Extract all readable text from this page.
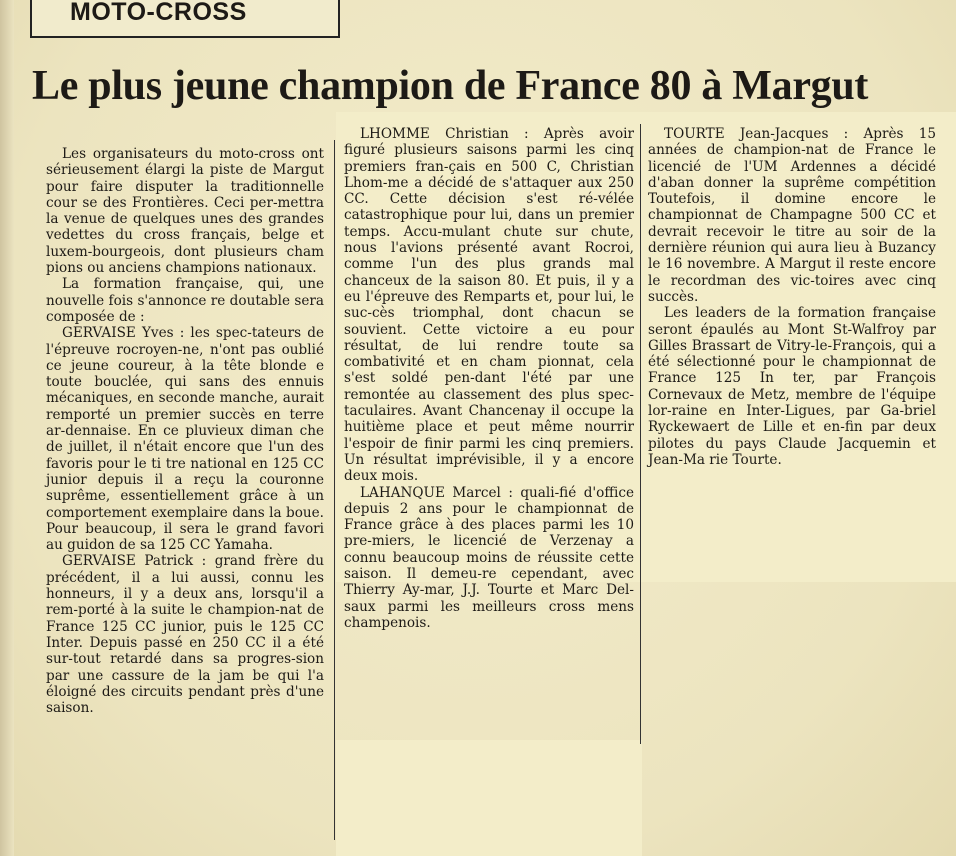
MOTO-CROSS
Le plus jeune champion de France 80 à Margut

Les organisateurs du moto-cross ont sérieusement élargi la piste de Margut pour faire disputer la traditionnelle cour se des Frontières. Ceci per-mettra la venue de quelques unes des grandes vedettes du cross français, belge et luxem-bourgeois, dont plusieurs cham pions ou anciens champions nationaux.

La formation française, qui, une nouvelle fois s'annonce re doutable sera composée de :

GERVAISE Yves : les spec-tateurs de l'épreuve rocroyen-ne, n'ont pas oublié ce jeune coureur, à la tête blonde e toute bouclée, qui sans des ennuis mécaniques, en seconde manche, aurait remporté un premier succès en terre ar-dennaise. En ce pluvieux diman che de juillet, il n'était encore que l'un des favoris pour le ti tre national en 125 CC junior depuis il a reçu la couronne suprême, essentiellement grâce à un comportement exemplaire dans la boue. Pour beaucoup, il sera le grand favori au guidon de sa 125 CC Yamaha.

GERVAISE Patrick : grand frère du précédent, il a lui aussi, connu les honneurs, il y a deux ans, lorsqu'il a rem-porté à la suite le champion-nat de France 125 CC junior, puis le 125 CC Inter. Depuis passé en 250 CC il a été sur-tout retardé dans sa progres-sion par une cassure de la jam be qui l'a éloigné des circuits pendant près d'une saison.

LHOMME Christian : Après avoir figuré plusieurs saisons parmi les cinq premiers fran-çais en 500 C, Christian Lhom-me a décidé de s'attaquer aux 250 CC. Cette décision s'est ré-vélée catastrophique pour lui, dans un premier temps. Accu-mulant chute sur chute, nous l'avions présenté avant Rocroi, comme l'un des plus grands mal chanceux de la saison 80. Et puis, il y a eu l'épreuve des Remparts et, pour lui, le suc-cès triomphal, dont chacun se souvient. Cette victoire a eu pour résultat, de lui rendre toute sa combativité et en cham pionnat, cela s'est soldé pen-dant l'été par une remontée au classement des plus spec-taculaires. Avant Chancenay il occupe la huitième place et peut même nourrir l'espoir de finir parmi les cinq premiers. Un résultat imprévisible, il y a encore deux mois.

LAHANQUE Marcel : quali-fié d'office depuis 2 ans pour le championnat de France grâce à des places parmi les 10 pre-miers, le licencié de Verzenay a connu beaucoup moins de réussite cette saison. Il demeu-re cependant, avec Thierry Ay-mar, J.J. Tourte et Marc Del-saux parmi les meilleurs cross mens champenois.

TOURTE Jean-Jacques : Après 15 années de champion-nat de France le licencié de l'UM Ardennes a décidé d'aban donner la suprême compétition Toutefois, il domine encore le championnat de Champagne 500 CC et devrait recevoir le titre au soir de la dernière réunion qui aura lieu à Buzancy le 16 novembre. A Margut il reste encore le recordman des vic-toires avec cinq succès.

Les leaders de la formation française seront épaulés au Mont St-Walfroy par Gilles Brassart de Vitry-le-François, qui a été sélectionné pour le championnat de France 125 In ter, par François Cornevaux de Metz, membre de l'équipe lor-raine en Inter-Ligues, par Ga-briel Ryckewaert de Lille et en-fin par deux pilotes du pays Claude Jacquemin et Jean-Ma rie Tourte.
